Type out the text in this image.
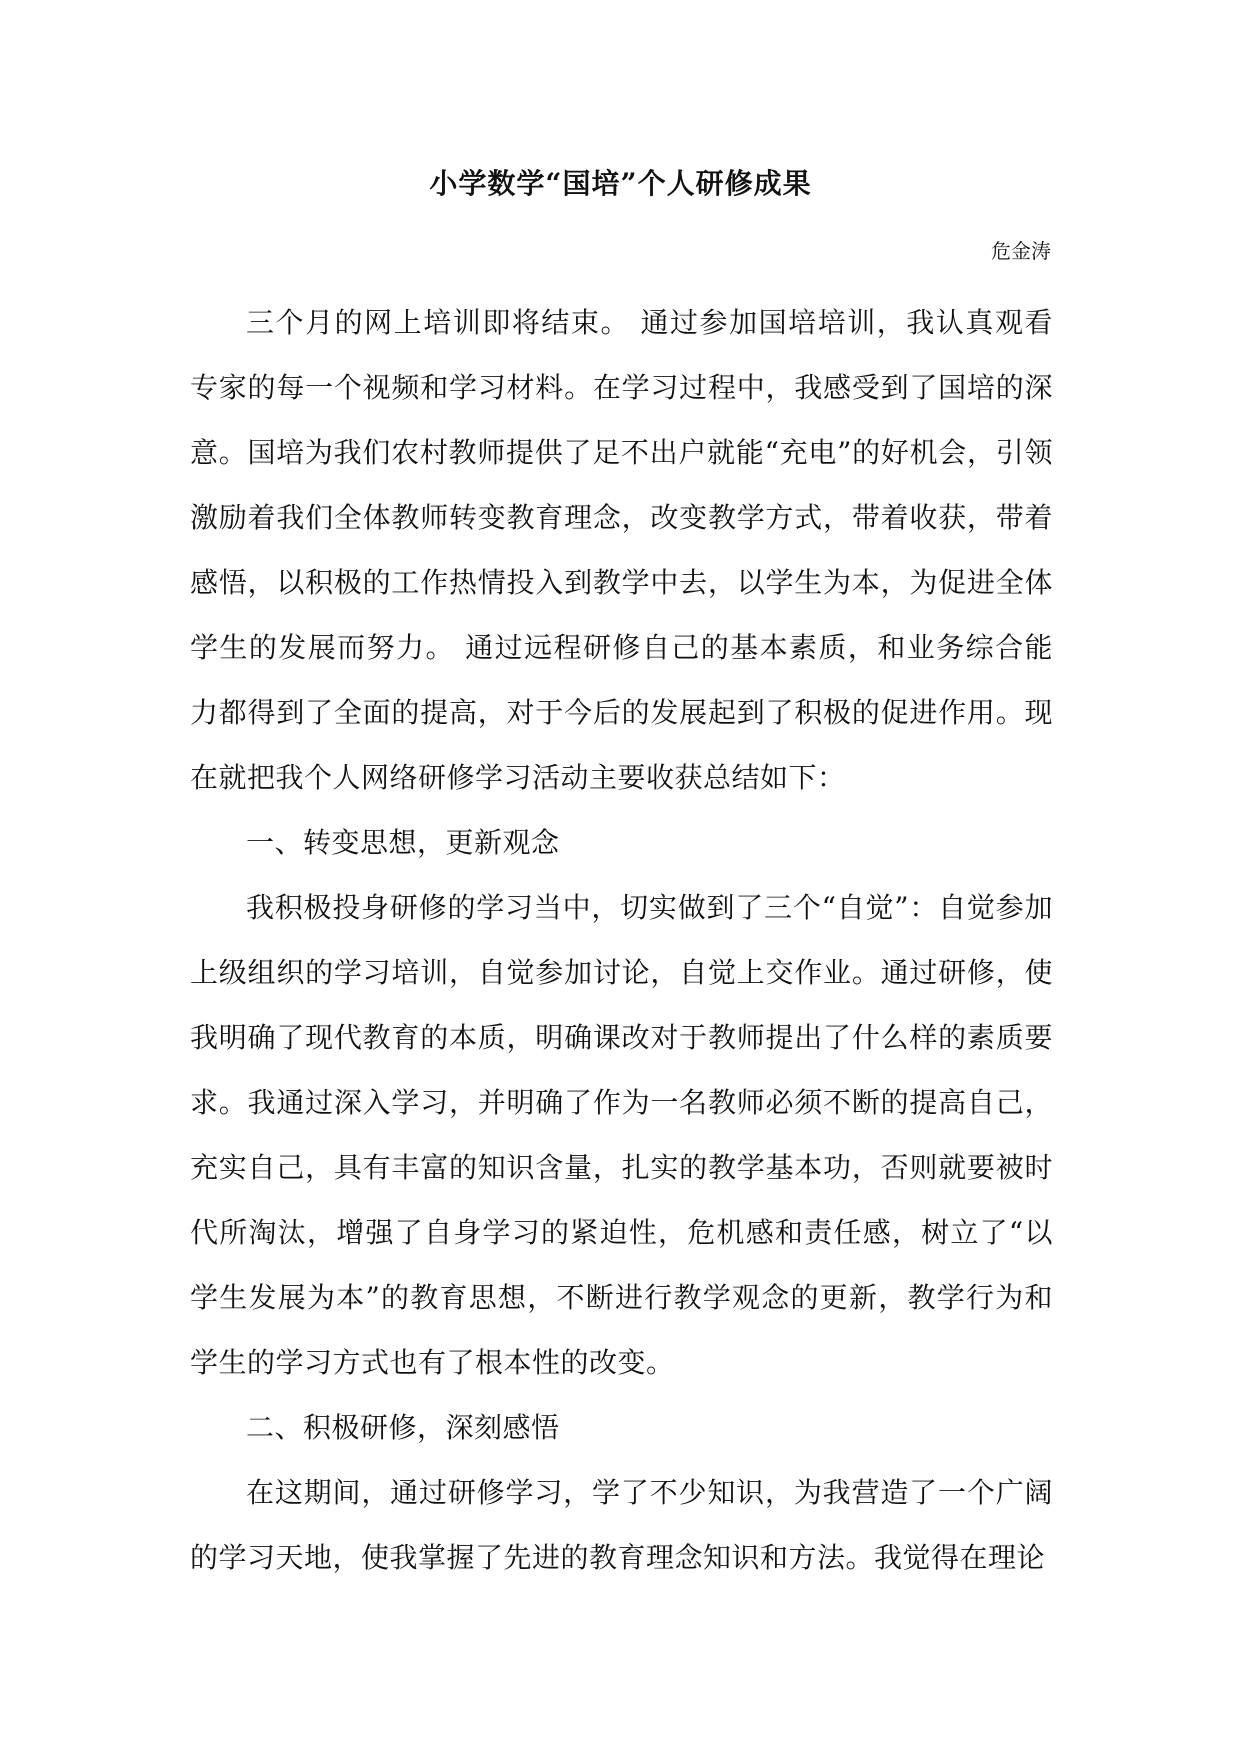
小学数学“国培”个人研修成果
危金涛

三个月的网上培训即将结束。 通过参加国培培训，我认真观看专家的每一个视频和学习材料。在学习过程中，我感受到了国培的深意。国培为我们农村教师提供了足不出户就能“充电”的好机会，引领激励着我们全体教师转变教育理念，改变教学方式，带着收获，带着感悟，以积极的工作热情投入到教学中去，以学生为本，为促进全体学生的发展而努力。 通过远程研修自己的基本素质，和业务综合能力都得到了全面的提高，对于今后的发展起到了积极的促进作用。现在就把我个人网络研修学习活动主要收获总结如下：

一、转变思想，更新观念

我积极投身研修的学习当中，切实做到了三个“自觉”：自觉参加上级组织的学习培训，自觉参加讨论，自觉上交作业。通过研修，使我明确了现代教育的本质，明确课改对于教师提出了什么样的素质要求。我通过深入学习，并明确了作为一名教师必须不断的提高自己，充实自己，具有丰富的知识含量，扎实的教学基本功，否则就要被时代所淘汰，增强了自身学习的紧迫性，危机感和责任感，树立了“以学生发展为本”的教育思想，不断进行教学观念的更新，教学行为和学生的学习方式也有了根本性的改变。

二、积极研修，深刻感悟

在这期间，通过研修学习，学了不少知识，为我营造了一个广阔的学习天地，使我掌握了先进的教育理念知识和方法。我觉得在理论
